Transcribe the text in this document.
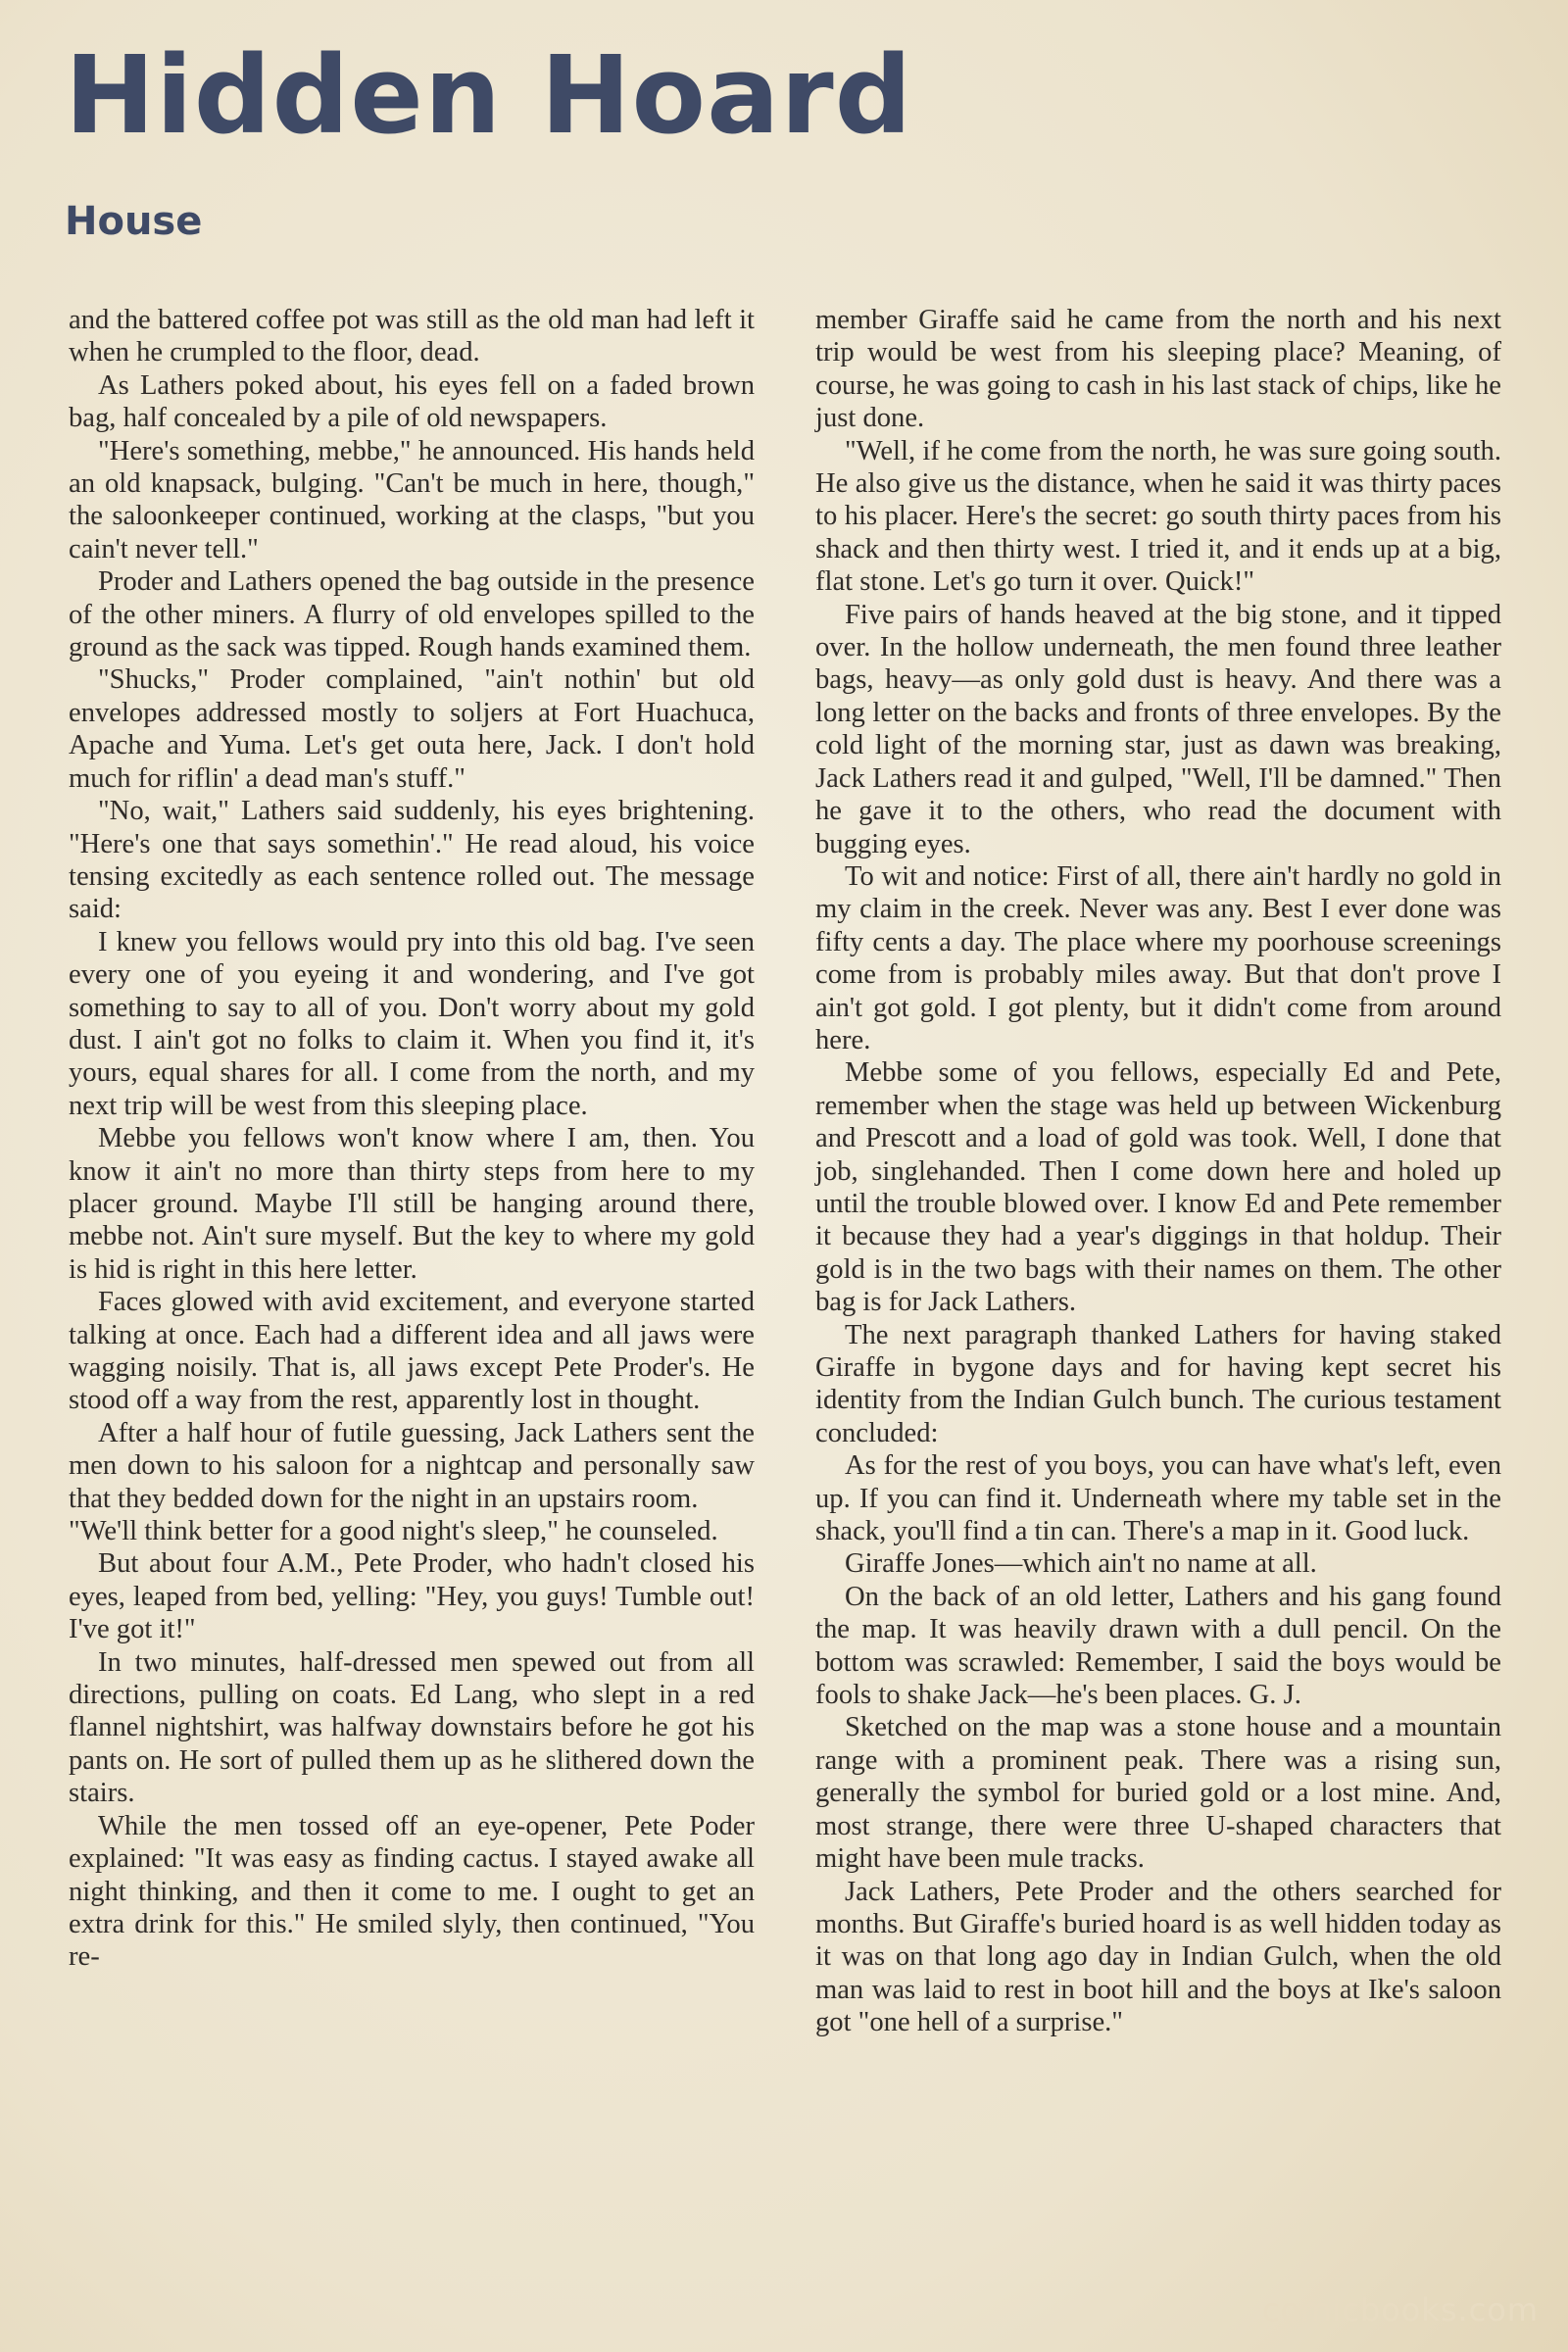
Hidden Hoard
House

and the battered coffee pot was still as the old man had left it when he crumpled to the floor, dead.

As Lathers poked about, his eyes fell on a faded brown bag, half concealed by a pile of old newspapers.

"Here's something, mebbe," he announced. His hands held an old knapsack, bulging. "Can't be much in here, though," the saloonkeeper continued, working at the clasps, "but you cain't never tell."

Proder and Lathers opened the bag outside in the presence of the other miners. A flurry of old envelopes spilled to the ground as the sack was tipped. Rough hands examined them.

"Shucks," Proder complained, "ain't nothin' but old envelopes addressed mostly to soljers at Fort Huachuca, Apache and Yuma. Let's get outa here, Jack. I don't hold much for riflin' a dead man's stuff."

"No, wait," Lathers said suddenly, his eyes brightening. "Here's one that says somethin'." He read aloud, his voice tensing excitedly as each sentence rolled out. The message said:

I knew you fellows would pry into this old bag. I've seen every one of you eyeing it and wondering, and I've got something to say to all of you. Don't worry about my gold dust. I ain't got no folks to claim it. When you find it, it's yours, equal shares for all. I come from the north, and my next trip will be west from this sleeping place.

Mebbe you fellows won't know where I am, then. You know it ain't no more than thirty steps from here to my placer ground. Maybe I'll still be hanging around there, mebbe not. Ain't sure myself. But the key to where my gold is hid is right in this here letter.

Faces glowed with avid excitement, and everyone started talking at once. Each had a different idea and all jaws were wagging noisily. That is, all jaws except Pete Proder's. He stood off a way from the rest, apparently lost in thought.

After a half hour of futile guessing, Jack Lathers sent the men down to his saloon for a nightcap and personally saw that they bedded down for the night in an upstairs room.

"We'll think better for a good night's sleep," he counseled.

But about four A.M., Pete Proder, who hadn't closed his eyes, leaped from bed, yelling: "Hey, you guys! Tumble out! I've got it!"

In two minutes, half-dressed men spewed out from all directions, pulling on coats. Ed Lang, who slept in a red flannel nightshirt, was halfway downstairs before he got his pants on. He sort of pulled them up as he slithered down the stairs.

While the men tossed off an eye-opener, Pete Poder explained: "It was easy as finding cactus. I stayed awake all night thinking, and then it come to me. I ought to get an extra drink for this." He smiled slyly, then continued, "You re-

member Giraffe said he came from the north and his next trip would be west from his sleeping place? Meaning, of course, he was going to cash in his last stack of chips, like he just done.

"Well, if he come from the north, he was sure going south. He also give us the distance, when he said it was thirty paces to his placer. Here's the secret: go south thirty paces from his shack and then thirty west. I tried it, and it ends up at a big, flat stone. Let's go turn it over. Quick!"

Five pairs of hands heaved at the big stone, and it tipped over. In the hollow underneath, the men found three leather bags, heavy—as only gold dust is heavy. And there was a long letter on the backs and fronts of three envelopes. By the cold light of the morning star, just as dawn was breaking, Jack Lathers read it and gulped, "Well, I'll be damned." Then he gave it to the others, who read the document with bugging eyes.

To wit and notice: First of all, there ain't hardly no gold in my claim in the creek. Never was any. Best I ever done was fifty cents a day. The place where my poorhouse screenings come from is probably miles away. But that don't prove I ain't got gold. I got plenty, but it didn't come from around here.

Mebbe some of you fellows, especially Ed and Pete, remember when the stage was held up between Wickenburg and Prescott and a load of gold was took. Well, I done that job, singlehanded. Then I come down here and holed up until the trouble blowed over. I know Ed and Pete remember it because they had a year's diggings in that holdup. Their gold is in the two bags with their names on them. The other bag is for Jack Lathers.

The next paragraph thanked Lathers for having staked Giraffe in bygone days and for having kept secret his identity from the Indian Gulch bunch. The curious testament concluded:

As for the rest of you boys, you can have what's left, even up. If you can find it. Underneath where my table set in the shack, you'll find a tin can. There's a map in it. Good luck.

Giraffe Jones—which ain't no name at all.

On the back of an old letter, Lathers and his gang found the map. It was heavily drawn with a dull pencil. On the bottom was scrawled: Remember, I said the boys would be fools to shake Jack—he's been places. G. J.

Sketched on the map was a stone house and a mountain range with a prominent peak. There was a rising sun, generally the symbol for buried gold or a lost mine. And, most strange, there were three U-shaped characters that might have been mule tracks.

Jack Lathers, Pete Proder and the others searched for months. But Giraffe's buried hoard is as well hidden today as it was on that long ago day in Indian Gulch, when the old man was laid to rest in boot hill and the boys at Ike's saloon got "one hell of a surprise."

comicbooks.com
